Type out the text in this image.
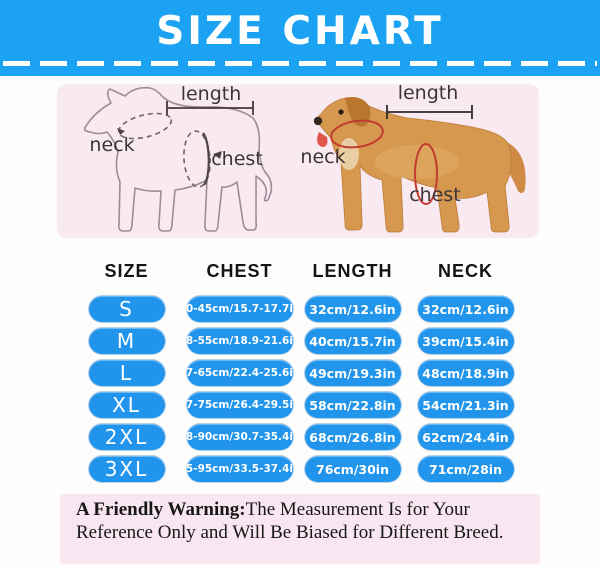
SIZE CHART
length
neck
chest
length
neck
chest
SIZE	CHEST	LENGTH	NECK
S	40-45cm/15.7-17.7in 32cm/12.6in	32cm/12.6in
M	48-55cm/18.9-21.6in 40cm/15.7in	39cm/15.4in
L	57-65cm/22.4-25.6in 49cm/19.3in	48cm/18.9in
XL	67-75cm/26.4-29.5in 58cm/22.8in	54cm/21.3in
2XL	78-90cm/30.7-35.4in 68cm/26.8in	62cm/24.4in
3XL	85-95cm/33.5-37.4in	76cm/30in	71cm/28in
A Friendly Warning:The Measurement Is for Your Reference Only and Will Be Biased for Different Breed.
